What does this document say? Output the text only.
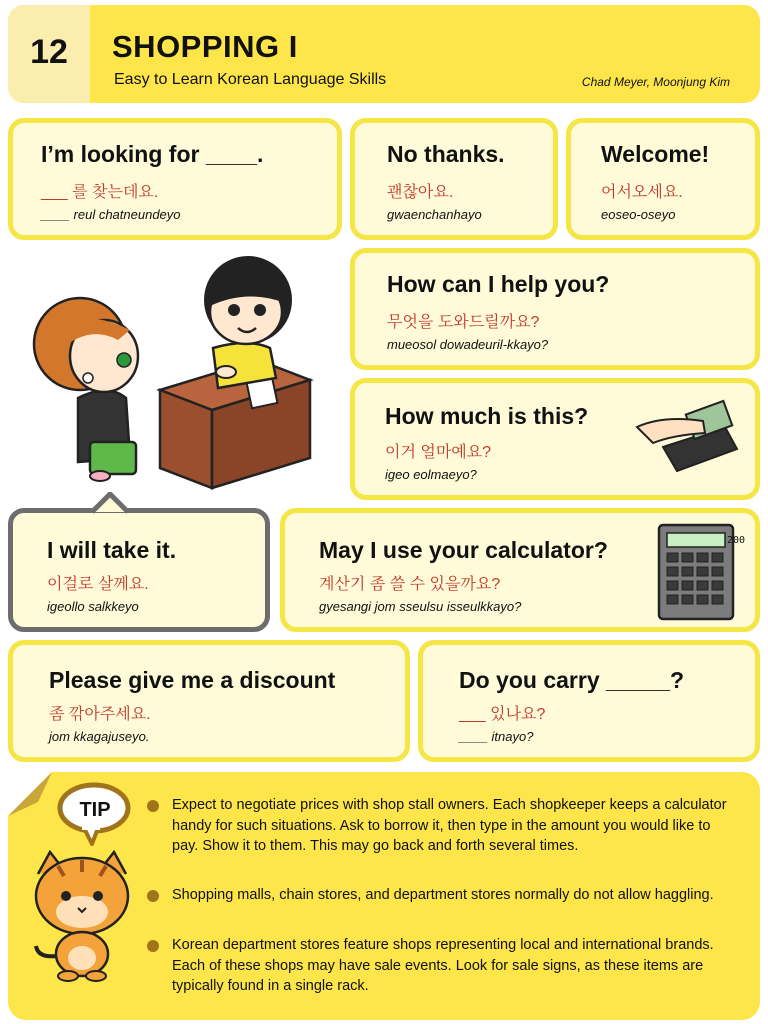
12	SHOPPING I
Easy to Learn Korean Language Skills	Chad Meyer, Moonjung Kim
I’m looking for ____.
___ 를 찾는데요.
____ reul chatneundeyo
No thanks.
괜찮아요.
gwaenchanhayo
Welcome!
어서오세요.
eoseo-oseyo
How can I help you?
무엇을 도와드릴까요?
mueosol dowadeuril-kkayo?
How much is this?
이거 얼마예요?
igeo eolmaeyo?
I will take it.
이걸로 살께요.
igeollo salkkeyo
May I use your calculator?
계산기 좀 쓸 수 있을까요?
gyesangi jom sseulsu isseulkkayo?
200
Please give me a discount
좀 깎아주세요.
jom kkagajuseyo.
Do you carry _____?
___ 있나요?
____ itnayo?
TIP	Expect to negotiate prices with shop stall owners. Each shopkeeper keeps a calculator handy for such situations. Ask to borrow it, then type in the amount you would like to pay. Show it to them. This may go back and forth several times.
Shopping malls, chain stores, and department stores normally do not allow haggling.
Korean department stores feature shops representing local and international brands. Each of these shops may have sale events. Look for sale signs, as these items are typically found in a single rack.
